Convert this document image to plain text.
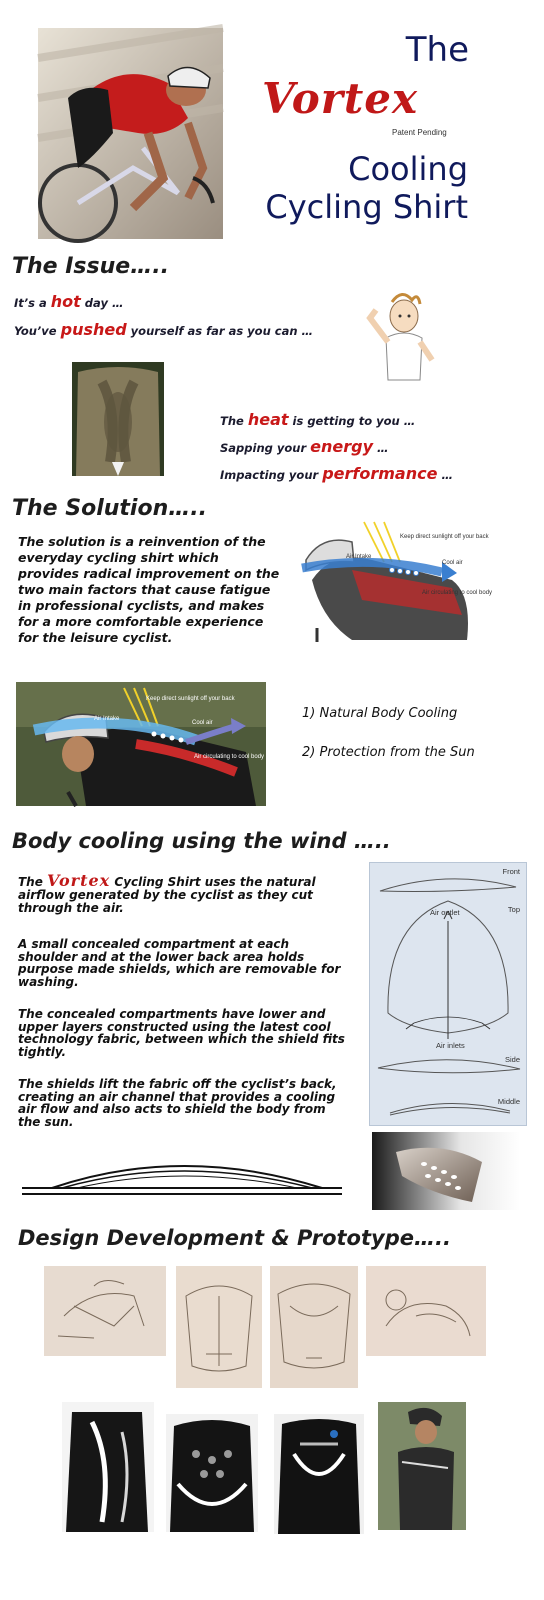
The
Vortex
Patent Pending
Cooling
Cycling Shirt
The Issue…..
It’s a hot day …
You’ve pushed yourself as far as you can …
The heat is getting to you …
Sapping your energy …
Impacting your performance …
The Solution…..
The solution is a reinvention of the everyday cycling shirt which provides radical improvement on the two main factors that cause fatigue in professional cyclists, and makes for a more comfortable experience for the leisure cyclist.
Keep direct sunlight off your back
Air Intake
Cool air
Air circulating to cool body
Keep direct sunlight off your back
Air Intake
Cool air
Air circulating to cool body
1) Natural Body Cooling
2) Protection from the Sun
Body cooling using the wind …..
The Vortex Cycling Shirt uses the natural airflow generated by the cyclist as they cut through the air.
A small concealed compartment at each shoulder and at the lower back area holds purpose made shields, which are removable for washing.
The concealed compartments have lower and upper layers constructed using the latest cool technology fabric, between which the shield fits tightly.
The shields lift the fabric off the cyclist’s back, creating an air channel that provides a cooling air flow and also acts to shield the body from the sun.
Front
Top
Air outlet
Air inlets
Side
Middle
Design Development & Prototype…..
